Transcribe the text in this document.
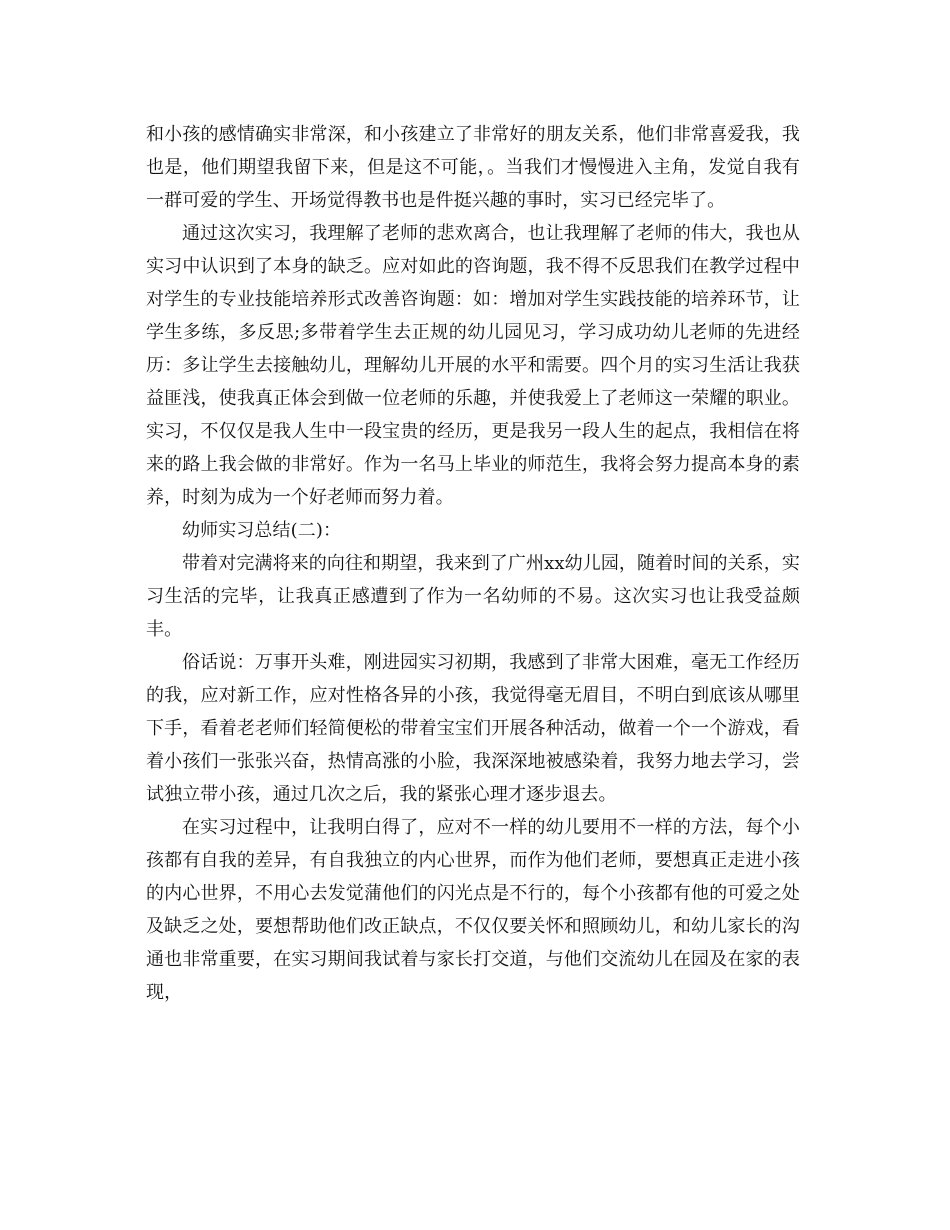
和小孩的感情确实非常深，和小孩建立了非常好的朋友关系，他们非常喜爱我，我也是，他们期望我留下来，但是这不可能，。当我们才慢慢进入主角，发觉自我有一群可爱的学生、开场觉得教书也是件挺兴趣的事时，实习已经完毕了。

通过这次实习，我理解了老师的悲欢离合，也让我理解了老师的伟大，我也从实习中认识到了本身的缺乏。应对如此的咨询题，我不得不反思我们在教学过程中对学生的专业技能培养形式改善咨询题：如：增加对学生实践技能的培养环节，让学生多练，多反思;多带着学生去正规的幼儿园见习，学习成功幼儿老师的先进经历：多让学生去接触幼儿，理解幼儿开展的水平和需要。四个月的实习生活让我获益匪浅，使我真正体会到做一位老师的乐趣，并使我爱上了老师这一荣耀的职业。实习，不仅仅是我人生中一段宝贵的经历，更是我另一段人生的起点，我相信在将来的路上我会做的非常好。作为一名马上毕业的师范生，我将会努力提高本身的素养，时刻为成为一个好老师而努力着。

幼师实习总结(二)：

带着对完满将来的向往和期望，我来到了广州xx幼儿园，随着时间的关系，实习生活的完毕，让我真正感遭到了作为一名幼师的不易。这次实习也让我受益颇丰。

俗话说：万事开头难，刚进园实习初期，我感到了非常大困难，毫无工作经历的我，应对新工作，应对性格各异的小孩，我觉得毫无眉目，不明白到底该从哪里下手，看着老老师们轻简便松的带着宝宝们开展各种活动，做着一个一个游戏，看着小孩们一张张兴奋，热情高涨的小脸，我深深地被感染着，我努力地去学习，尝试独立带小孩，通过几次之后，我的紧张心理才逐步退去。

在实习过程中，让我明白得了，应对不一样的幼儿要用不一样的方法，每个小孩都有自我的差异，有自我独立的内心世界，而作为他们老师，要想真正走进小孩的内心世界，不用心去发觉蒲他们的闪光点是不行的，每个小孩都有他的可爱之处及缺乏之处，要想帮助他们改正缺点，不仅仅要关怀和照顾幼儿，和幼儿家长的沟通也非常重要，在实习期间我试着与家长打交道，与他们交流幼儿在园及在家的表现，
